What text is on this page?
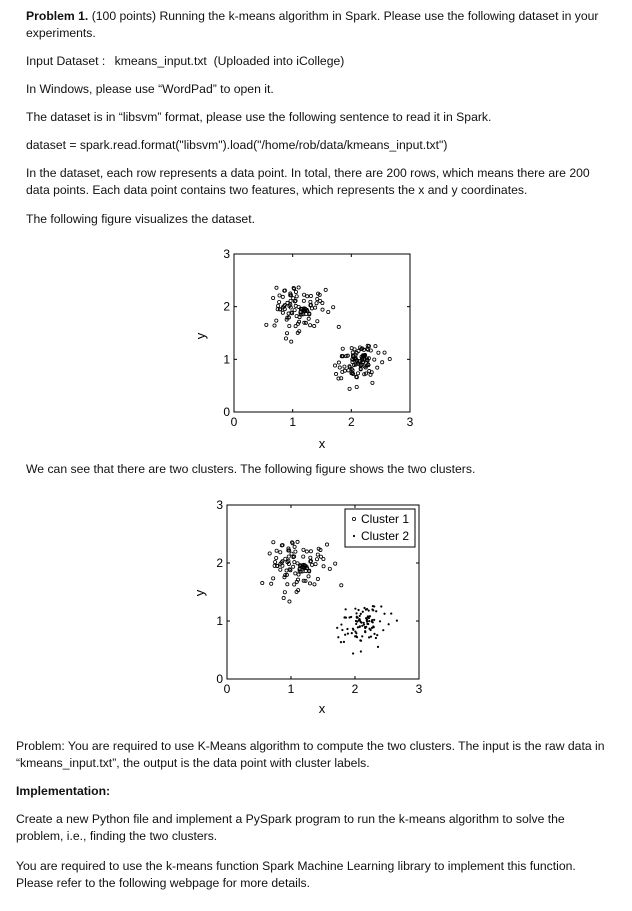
Problem 1. (100 points) Running the k-means algorithm in Spark. Please use the following dataset in your experiments.

Input Dataset : kmeans_input.txt  (Uploaded into iCollege)

In Windows, please use “WordPad” to open it.

The dataset is in “libsvm” format, please use the following sentence to read it in Spark.

dataset = spark.read.format("libsvm").load("/home/rob/data/kmeans_input.txt")

In the dataset, each row represents a data point. In total, there are 200 rows, which means there are 200 data points. Each data point contains two features, which represents the x and y coordinates.

The following figure visualizes the dataset.

y
x
0	1	2	3
0
1
2
3

We can see that there are two clusters. The following figure shows the two clusters.

y
x
0	1	2	3
0
1
2
3
Cluster 1
Cluster 2

Problem: You are required to use K-Means algorithm to compute the two clusters. The input is the raw data in “kmeans_input.txt”, the output is the data point with cluster labels.

Implementation:

Create a new Python file and implement a PySpark program to run the k-means algorithm to solve the problem, i.e., finding the two clusters.

You are required to use the k-means function Spark Machine Learning library to implement this function. Please refer to the following webpage for more details.
